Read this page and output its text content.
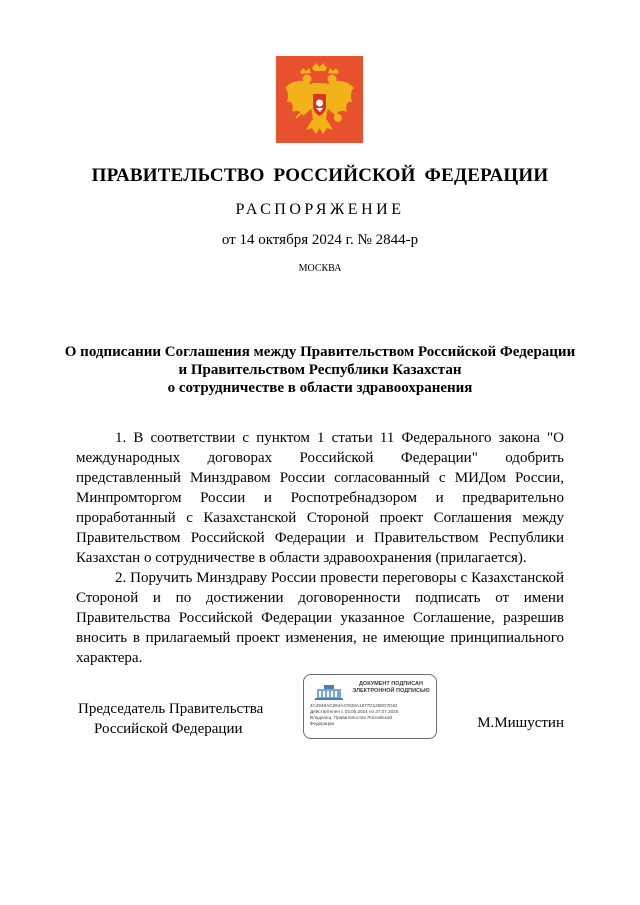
ПРАВИТЕЛЬСТВО РОССИЙСКОЙ ФЕДЕРАЦИИ
РАСПОРЯЖЕНИЕ
от 14 октября 2024 г. № 2844-р
МОСКВА
О подписании Соглашения между Правительством Российской Федерации
и Правительством Республики Казахстан
о сотрудничестве в области здравоохранения

1. В соответствии с пунктом 1 статьи 11 Федерального закона "О международных договорах Российской Федерации" одобрить представленный Минздравом России согласованный с МИДом России, Минпромторгом России и Роспотребнадзором и предварительно проработанный с Казахстанской Стороной проект Соглашения между Правительством Российской Федерации и Правительством Республики Казахстан о сотрудничестве в области здравоохранения (прилагается).

2. Поручить Минздраву России провести переговоры с Казахстанской Стороной и по достижении договоренности подписать от имени Правительства Российской Федерации указанное Соглашение, разрешив вносить в прилагаемый проект изменения, не имеющие принципиального характера.

Председатель Правительства
Российской Федерации
ДОКУМЕНТ ПОДПИСАН
ЭЛЕКТРОННОЙ ПОДПИСЬЮ
4C4948AC294A47933A1877D126ED7D62
Действителен с 03.05.2024 по 27.07.2025
Владелец: Правительство Российской
Федерации	М.Мишустин
